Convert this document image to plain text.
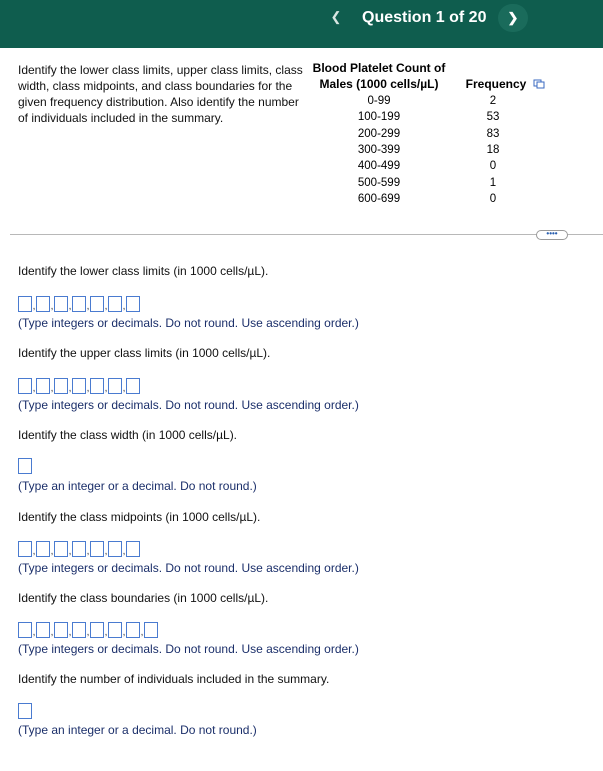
❮ Question 1 of 20	❯
Identify the lower class limits, upper class limits, class width, class midpoints, and class boundaries for the given frequency distribution. Also identify the number of individuals included in the summary.
Blood Platelet Count of
Males (1000 cells/µL)	Frequency
0-99	2
100-199	53
200-299	83
300-399	18
400-499	0
500-599	1
600-699	0
••••
Identify the lower class limits (in 1000 cells/µL).
, , , , , ,
(Type integers or decimals. Do not round. Use ascending order.)
Identify the upper class limits (in 1000 cells/µL).
, , , , , ,
(Type integers or decimals. Do not round. Use ascending order.)
Identify the class width (in 1000 cells/µL).
(Type an integer or a decimal. Do not round.)
Identify the class midpoints (in 1000 cells/µL).
, , , , , ,
(Type integers or decimals. Do not round. Use ascending order.)
Identify the class boundaries (in 1000 cells/µL).
, , , , , , ,
(Type integers or decimals. Do not round. Use ascending order.)
Identify the number of individuals included in the summary.
(Type an integer or a decimal. Do not round.)
